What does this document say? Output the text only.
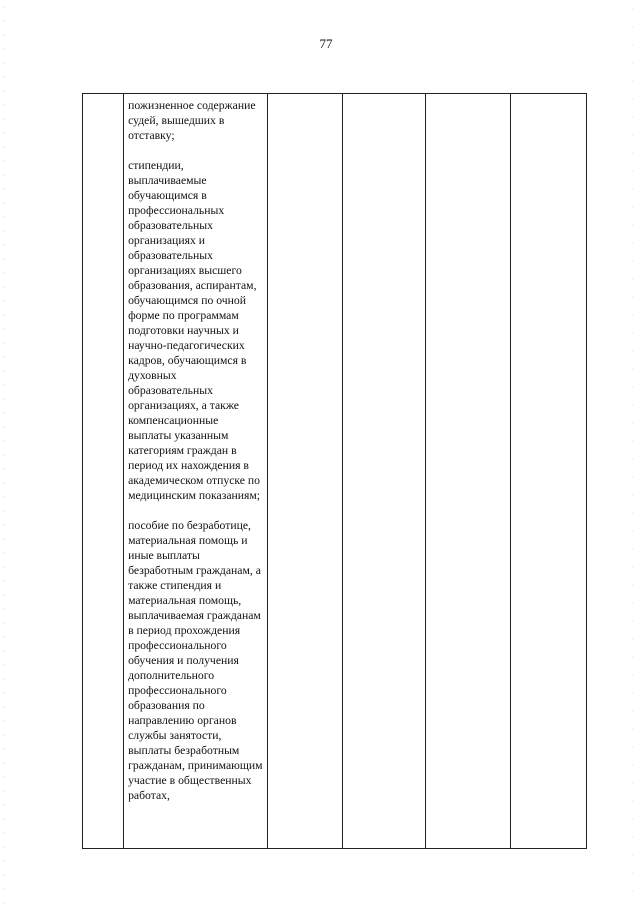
77

пожизненное содержание судей, вышедших в отставку;

стипендии, выплачиваемые обучающимся в профессиональных образовательных организациях и образовательных организациях высшего образования, аспирантам, обучающимся по очной форме по программам подготовки научных и научно-педагогических кадров, обучающимся в духовных образовательных организациях, а также компенсационные выплаты указанным категориям граждан в период их нахождения в академическом отпуске по медицинским показаниям;

пособие по безработице, материальная помощь и иные выплаты безработным гражданам, а также стипендия и материальная помощь, выплачиваемая гражданам в период прохождения профессионального обучения и получения дополнительного профессионального образования по направлению органов службы занятости, выплаты безработным гражданам, принимающим участие в общественных работах,
